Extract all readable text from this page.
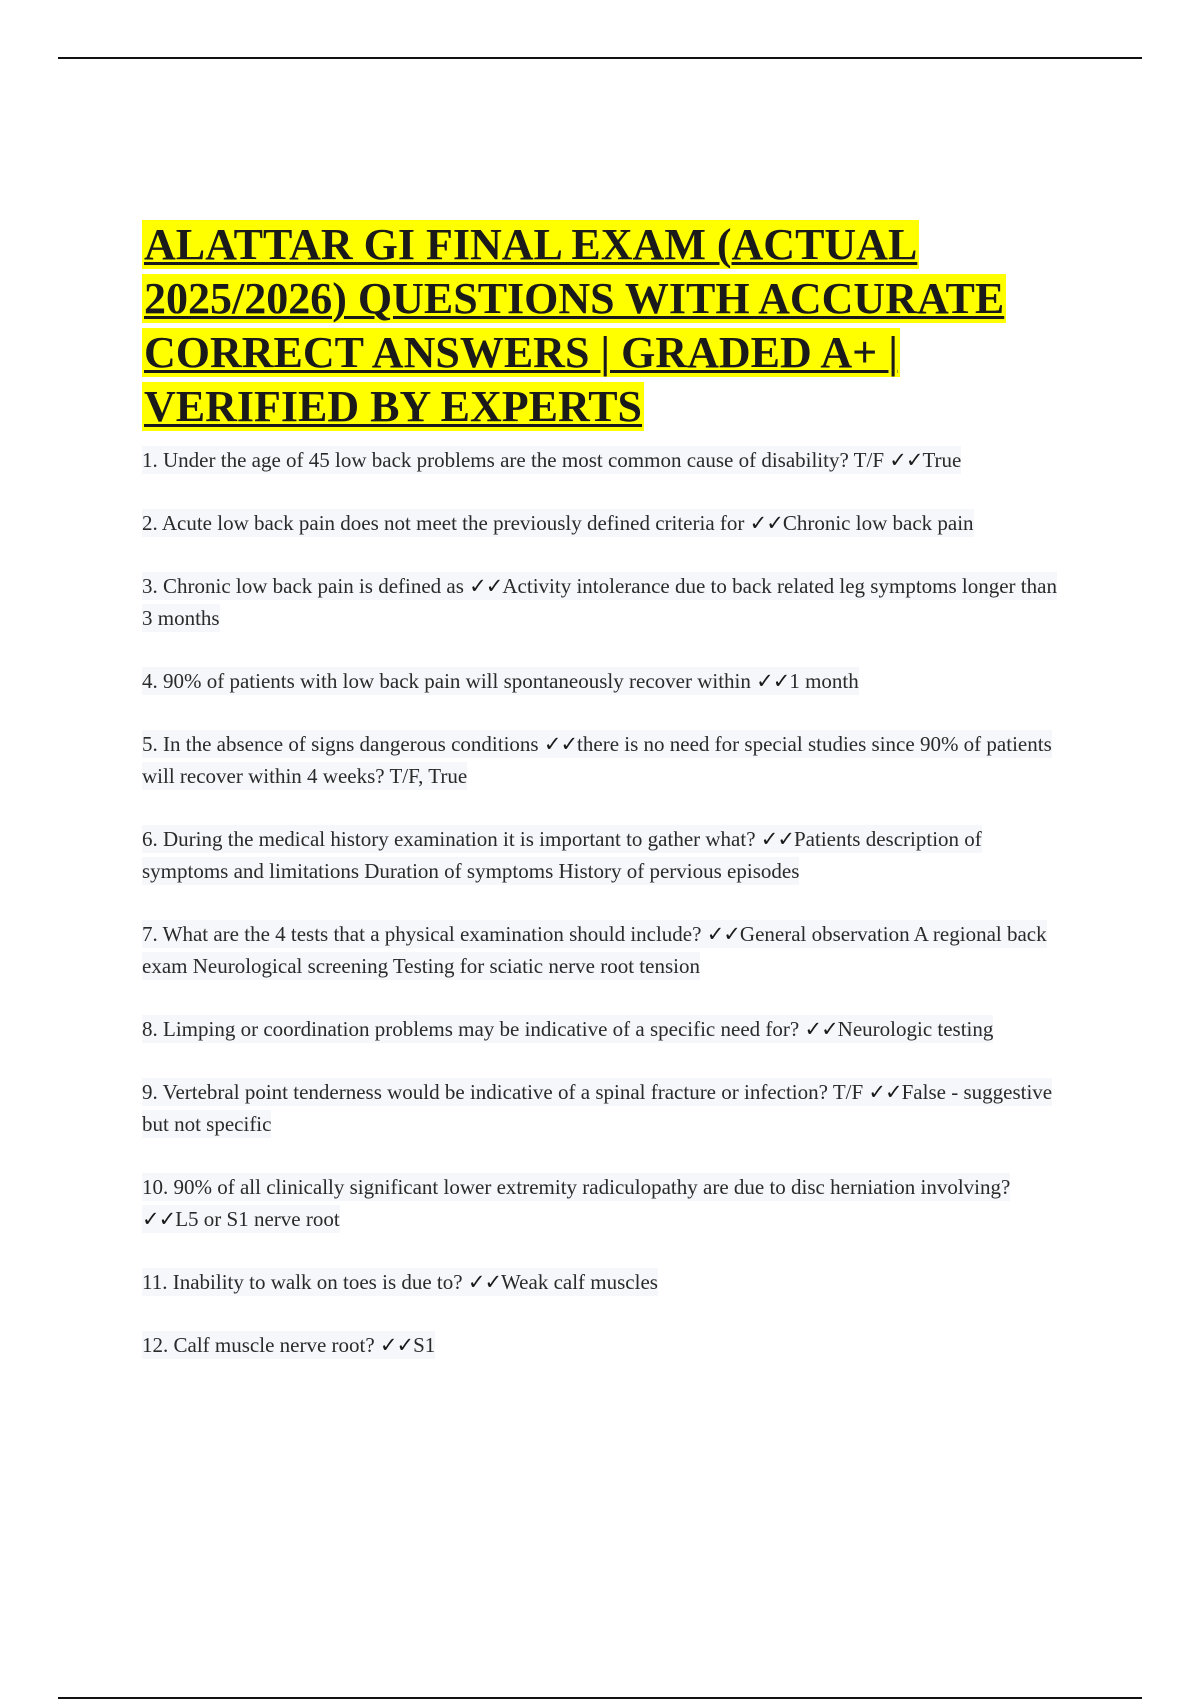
ALATTAR GI FINAL EXAM (ACTUAL 2025/2026) QUESTIONS WITH ACCURATE CORRECT ANSWERS | GRADED A+ | VERIFIED BY EXPERTS
1. Under the age of 45 low back problems are the most common cause of disability? T/F ✓✓True
2. Acute low back pain does not meet the previously defined criteria for ✓✓Chronic low back pain
3. Chronic low back pain is defined as ✓✓Activity intolerance due to back related leg symptoms longer than 3 months
4. 90% of patients with low back pain will spontaneously recover within ✓✓1 month
5. In the absence of signs dangerous conditions ✓✓there is no need for special studies since 90% of patients will recover within 4 weeks? T/F, True
6. During the medical history examination it is important to gather what? ✓✓Patients description of symptoms and limitations Duration of symptoms History of pervious episodes
7. What are the 4 tests that a physical examination should include? ✓✓General observation A regional back exam Neurological screening Testing for sciatic nerve root tension
8. Limping or coordination problems may be indicative of a specific need for? ✓✓Neurologic testing
9. Vertebral point tenderness would be indicative of a spinal fracture or infection? T/F ✓✓False - suggestive but not specific
10. 90% of all clinically significant lower extremity radiculopathy are due to disc herniation involving? ✓✓L5 or S1 nerve root
11. Inability to walk on toes is due to? ✓✓Weak calf muscles
12. Calf muscle nerve root? ✓✓S1
